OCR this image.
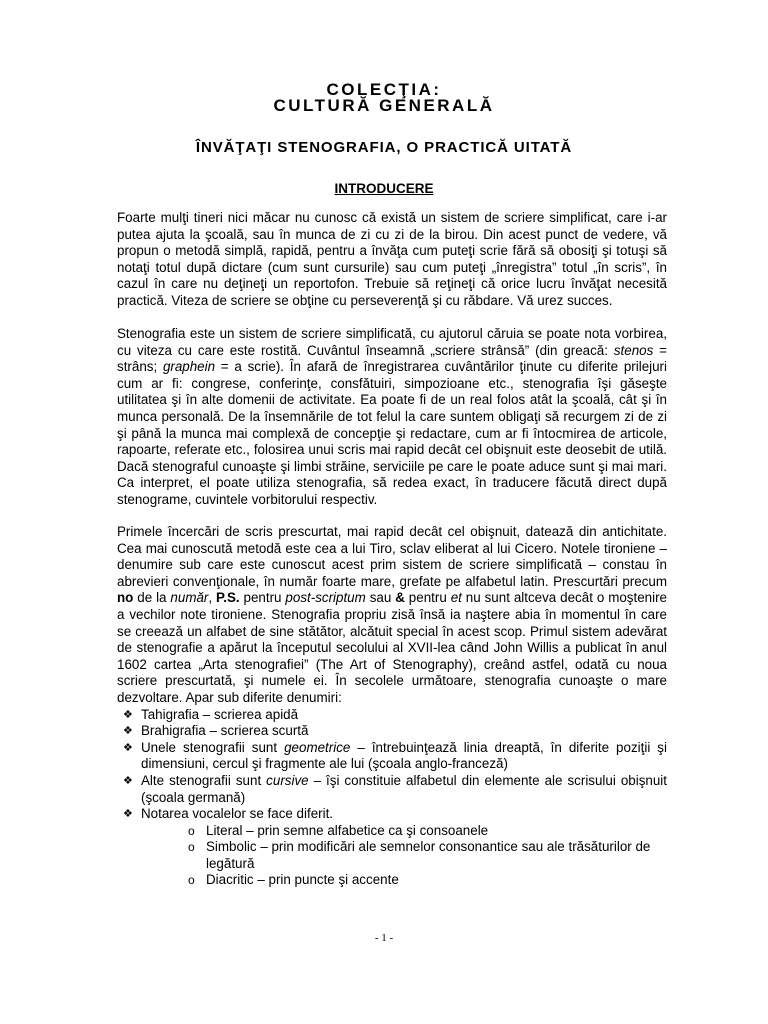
COLECŢIA:
CULTURĂ GENERALĂ
ÎNVĂŢAŢI STENOGRAFIA, O PRACTICĂ UITATĂ
INTRODUCERE

Foarte mulţi tineri nici măcar nu cunosc că există un sistem de scriere simplificat, care i-ar putea ajuta la şcoală, sau în munca de zi cu zi de la birou. Din acest punct de vedere, vă propun o metodă simplă, rapidă, pentru a învăţa cum puteţi scrie fără să obosiţi şi totuşi să notaţi totul după dictare (cum sunt cursurile) sau cum puteţi „înregistra” totul „în scris”, în cazul în care nu deţineţi un reportofon. Trebuie să reţineţi că orice lucru învăţat necesită practică. Viteza de scriere se obţine cu perseverenţă şi cu răbdare. Vă urez succes.

Stenografia este un sistem de scriere simplificată, cu ajutorul căruia se poate nota vorbirea, cu viteza cu care este rostită. Cuvântul înseamnă „scriere strânsă” (din greacă: stenos = strâns; graphein = a scrie). În afară de înregistrarea cuvântărilor ţinute cu diferite prilejuri cum ar fi: congrese, conferinţe, consfătuiri, simpozioane etc., stenografia îşi găseşte utilitatea şi în alte domenii de activitate. Ea poate fi de un real folos atât la şcoală, cât şi în munca personală. De la însemnările de tot felul la care suntem obligaţi să recurgem zi de zi şi până la munca mai complexă de concepţie şi redactare, cum ar fi întocmirea de articole, rapoarte, referate etc., folosirea unui scris mai rapid decât cel obişnuit este deosebit de utilă. Dacă stenograful cunoaşte şi limbi străine, serviciile pe care le poate aduce sunt şi mai mari. Ca interpret, el poate utiliza stenografia, să redea exact, în traducere făcută direct după stenograme, cuvintele vorbitorului respectiv.

Primele încercări de scris prescurtat, mai rapid decât cel obişnuit, datează din antichitate. Cea mai cunoscută metodă este cea a lui Tiro, sclav eliberat al lui Cicero. Notele tironiene – denumire sub care este cunoscut acest prim sistem de scriere simplificată – constau în abrevieri convenţionale, în număr foarte mare, grefate pe alfabetul latin. Prescurtări precum no de la număr, P.S. pentru post-scriptum sau & pentru et nu sunt altceva decât o moştenire a vechilor note tironiene. Stenografia propriu zisă însă ia naştere abia în momentul în care se creează un alfabet de sine stătător, alcătuit special în acest scop. Primul sistem adevărat de stenografie a apărut la începutul secolului al XVII-lea când John Willis a publicat în anul 1602 cartea „Arta stenografiei” (The Art of Stenography), creând astfel, odată cu noua scriere prescurtată, şi numele ei. În secolele următoare, stenografia cunoaşte o mare dezvoltare. Apar sub diferite denumiri:

❖ Tahigrafia – scrierea apidă
❖ Brahigrafia – scrierea scurtă
❖ Unele stenografii sunt geometrice – întrebuinţează linia dreaptă, în diferite poziţii şi dimensiuni, cercul şi fragmente ale lui (şcoala anglo-franceză)
❖ Alte stenografii sunt cursive – îşi constituie alfabetul din elemente ale scrisului obişnuit (şcoala germană)
❖ Notarea vocalelor se face diferit.
o Literal – prin semne alfabetice ca şi consoanele
o Simbolic – prin modificări ale semnelor consonantice sau ale trăsăturilor de legătură
o Diacritic – prin puncte şi accente
- 1 -
